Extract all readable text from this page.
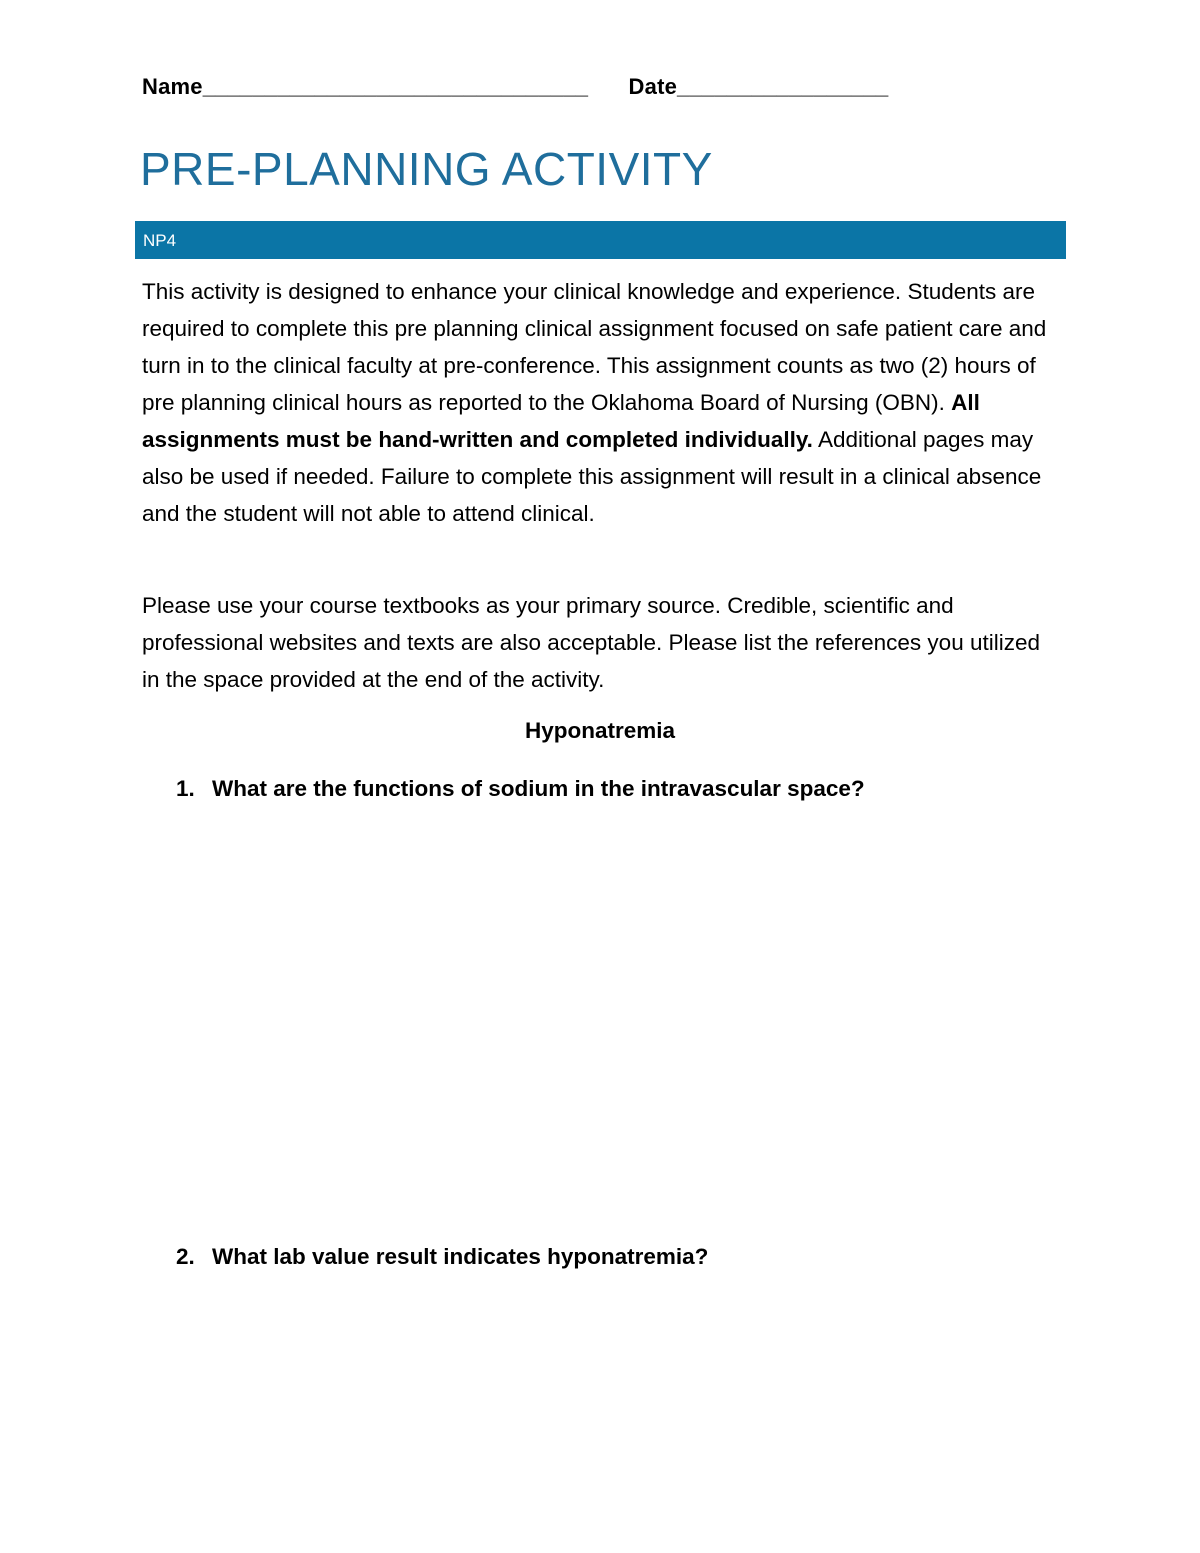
Name_______________________________ Date_________________
PRE-PLANNING ACTIVITY
NP4

This activity is designed to enhance your clinical knowledge and experience. Students are required to complete this pre planning clinical assignment focused on safe patient care and turn in to the clinical faculty at pre-conference. This assignment counts as two (2) hours of pre planning clinical hours as reported to the Oklahoma Board of Nursing (OBN). All assignments must be hand-written and completed individually. Additional pages may also be used if needed. Failure to complete this assignment will result in a clinical absence and the student will not able to attend clinical.

Please use your course textbooks as your primary source. Credible, scientific and professional websites and texts are also acceptable. Please list the references you utilized in the space provided at the end of the activity.

Hyponatremia

1. What are the functions of sodium in the intravascular space?
2. What lab value result indicates hyponatremia?
